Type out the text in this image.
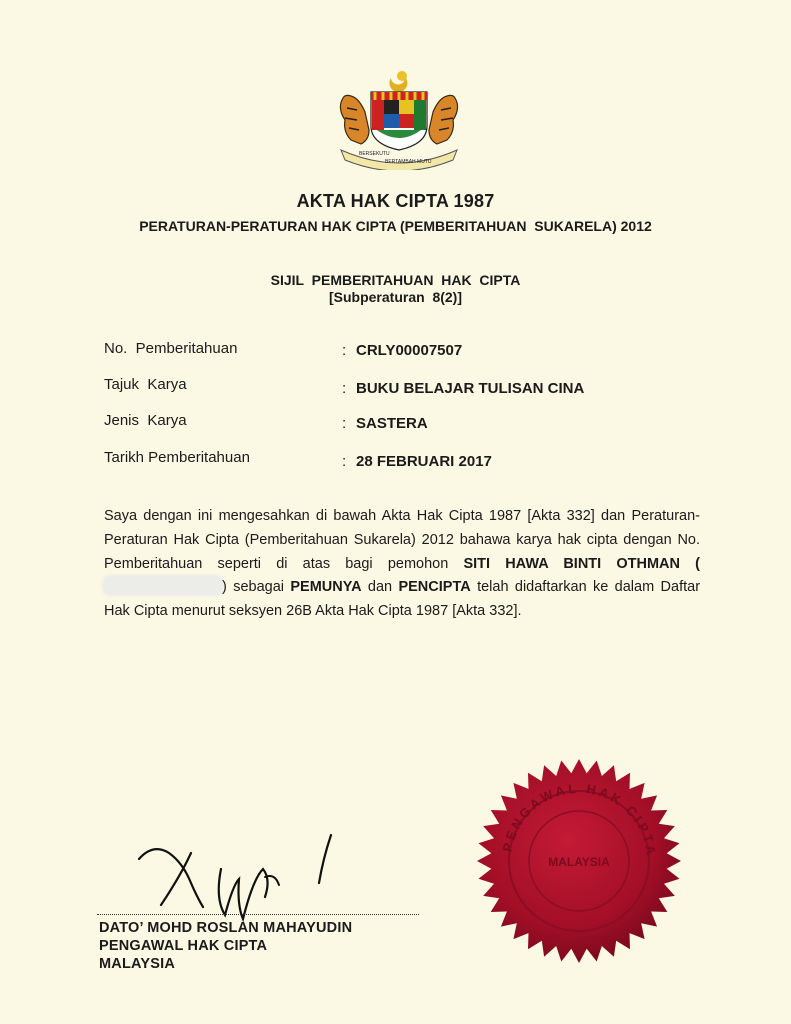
BERSEKUTU
BERTAMBAH MUTU
AKTA HAK CIPTA 1987
PERATURAN-PERATURAN HAK CIPTA (PEMBERITAHUAN  SUKARELA) 2012
SIJIL  PEMBERITAHUAN  HAK  CIPTA
[Subperaturan  8(2)]
No.  Pemberitahuan	: CRLY00007507
Tajuk  Karya	: BUKU BELAJAR TULISAN CINA
Jenis  Karya	: SASTERA
Tarikh Pemberitahuan	: 28 FEBRUARI 2017

Saya dengan ini mengesahkan di bawah Akta Hak Cipta 1987 [Akta 332] dan Peraturan-Peraturan Hak Cipta (Pemberitahuan Sukarela) 2012 bahawa karya hak cipta dengan No. Pemberitahuan seperti di atas bagi pemohon SITI HAWA BINTI OTHMAN () sebagai PEMUNYA dan PENCIPTA telah didaftarkan ke dalam Daftar Hak Cipta menurut seksyen 26B Akta Hak Cipta 1987 [Akta 332].

DATO’ MOHD ROSLAN MAHAYUDIN
PENGAWAL HAK CIPTA
MALAYSIA
PENGAWAL HAK CIPTA
MALAYSIA
